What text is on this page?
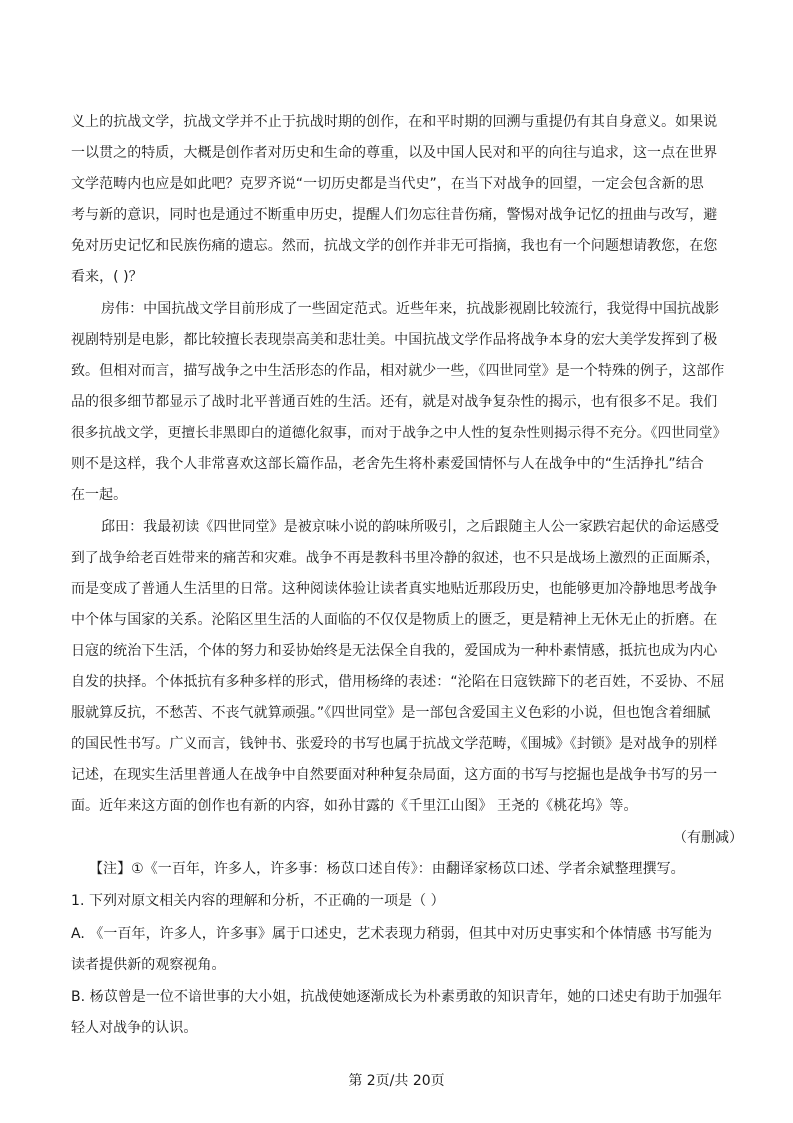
义上的抗战文学，抗战文学并不止于抗战时期的创作，在和平时期的回溯与重提仍有其自身意义。如果说
一以贯之的特质，大概是创作者对历史和生命的尊重，以及中国人民对和平的向往与追求，这一点在世界
文学范畴内也应是如此吧？克罗齐说“一切历史都是当代史”，在当下对战争的回望，一定会包含新的思
考与新的意识，同时也是通过不断重申历史，提醒人们勿忘往昔伤痛，警惕对战争记忆的扭曲与改写，避
免对历史记忆和民族伤痛的遗忘。然而，抗战文学的创作并非无可指摘，我也有一个问题想请教您，在您
看来，( )？
房伟：中国抗战文学目前形成了一些固定范式。近些年来，抗战影视剧比较流行，我觉得中国抗战影
视剧特别是电影，都比较擅长表现崇高美和悲壮美。中国抗战文学作品将战争本身的宏大美学发挥到了极
致。但相对而言，描写战争之中生活形态的作品，相对就少一些，《四世同堂》是一个特殊的例子，这部作
品的很多细节都显示了战时北平普通百姓的生活。还有，就是对战争复杂性的揭示，也有很多不足。我们
很多抗战文学，更擅长非黑即白的道德化叙事，而对于战争之中人性的复杂性则揭示得不充分。《四世同堂》
则不是这样，我个人非常喜欢这部长篇作品，老舍先生将朴素爱国情怀与人在战争中的“生活挣扎”结合
在一起。
邱田：我最初读《四世同堂》是被京味小说的韵味所吸引，之后跟随主人公一家跌宕起伏的命运感受
到了战争给老百姓带来的痛苦和灾难。战争不再是教科书里冷静的叙述，也不只是战场上激烈的正面厮杀，
而是变成了普通人生活里的日常。这种阅读体验让读者真实地贴近那段历史，也能够更加冷静地思考战争
中个体与国家的关系。沦陷区里生活的人面临的不仅仅是物质上的匮乏，更是精神上无休无止的折磨。在
日寇的统治下生活，个体的努力和妥协始终是无法保全自我的，爱国成为一种朴素情感，抵抗也成为内心
自发的抉择。个体抵抗有多种多样的形式，借用杨绛的表述：“沦陷在日寇铁蹄下的老百姓，不妥协、不屈
服就算反抗，不愁苦、不丧气就算顽强。”《四世同堂》是一部包含爱国主义色彩的小说，但也饱含着细腻
的国民性书写。广义而言，钱钟书、张爱玲的书写也属于抗战文学范畴，《围城》《封锁》是对战争的别样
记述，在现实生活里普通人在战争中自然要面对种种复杂局面，这方面的书写与挖掘也是战争书写的另一
面。近年来这方面的创作也有新的内容，如孙甘露的《千里江山图》 王尧的《桃花坞》等。
（有删减）
【注】①《一百年，许多人，许多事：杨苡口述自传》：由翻译家杨苡口述、学者余斌整理撰写。
1. 下列对原文相关内容的理解和分析，不正确的一项是（ ）
A. 《一百年，许多人，许多事》属于口述史，艺术表现力稍弱，但其中对历史事实和个体情感 书写能为
读者提供新的观察视角。
B. 杨苡曾是一位不谙世事的大小姐，抗战使她逐渐成长为朴素勇敢的知识青年，她的口述史有助于加强年
轻人对战争的认识。
第 2页/共 20页
